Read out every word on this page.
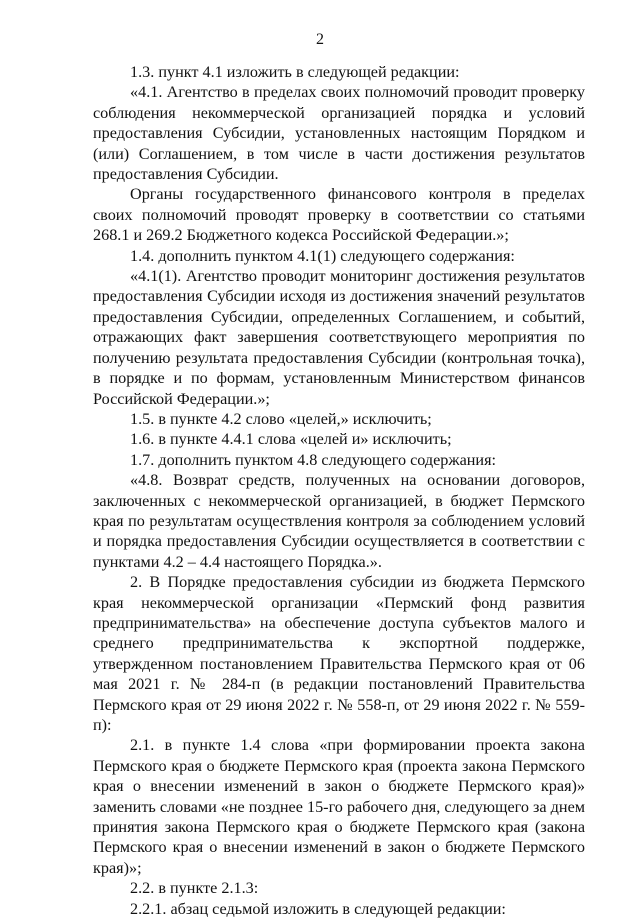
2

1.3. пункт 4.1 изложить в следующей редакции:

«4.1. Агентство в пределах своих полномочий проводит проверку соблюдения некоммерческой организацией порядка и условий предоставления Субсидии, установленных настоящим Порядком и (или) Соглашением, в том числе в части достижения результатов предоставления Субсидии.

Органы государственного финансового контроля в пределах своих полномочий проводят проверку в соответствии со статьями 268.1 и 269.2 Бюджетного кодекса Российской Федерации.»;

1.4. дополнить пунктом 4.1(1) следующего содержания:

«4.1(1). Агентство проводит мониторинг достижения результатов предоставления Субсидии исходя из достижения значений результатов предоставления Субсидии, определенных Соглашением, и событий, отражающих факт завершения соответствующего мероприятия по получению результата предоставления Субсидии (контрольная точка), в порядке и по формам, установленным Министерством финансов Российской Федерации.»;

1.5. в пункте 4.2 слово «целей,» исключить;

1.6. в пункте 4.4.1 слова «целей и» исключить;

1.7. дополнить пунктом 4.8 следующего содержания:

«4.8. Возврат средств, полученных на основании договоров, заключенных с некоммерческой организацией, в бюджет Пермского края по результатам осуществления контроля за соблюдением условий и порядка предоставления Субсидии осуществляется в соответствии с пунктами 4.2 – 4.4 настоящего Порядка.».

2. В Порядке предоставления субсидии из бюджета Пермского края некоммерческой организации «Пермский фонд развития предпринимательства» на обеспечение доступа субъектов малого и среднего предпринимательства к экспортной поддержке, утвержденном постановлением Правительства Пермского края от 06 мая 2021 г. № 284-п (в редакции постановлений Правительства Пермского края от 29 июня 2022 г. № 558-п, от 29 июня 2022 г. № 559-п):

2.1. в пункте 1.4 слова «при формировании проекта закона Пермского края о бюджете Пермского края (проекта закона Пермского края о внесении изменений в закон о бюджете Пермского края)» заменить словами «не позднее 15-го рабочего дня, следующего за днем принятия закона Пермского края о бюджете Пермского края (закона Пермского края о внесении изменений в закон о бюджете Пермского края)»;

2.2. в пункте 2.1.3:

2.2.1. абзац седьмой изложить в следующей редакции:
